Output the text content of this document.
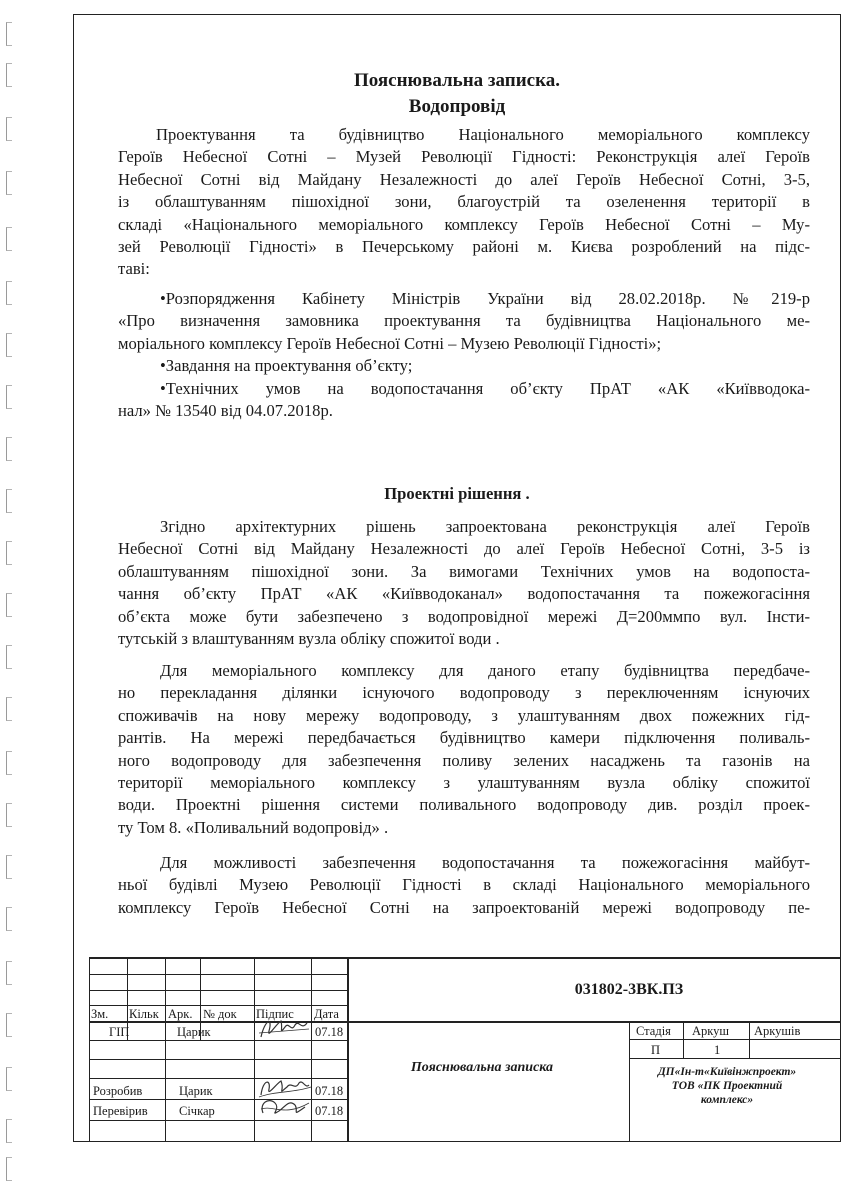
Пояснювальна записка.
Водопровід
Проектування та будівництво Національного меморіального комплексу
Героїв Небесної Сотні – Музей Революції Гідності: Реконструкція алеї Героїв
Небесної Сотні від Майдану Незалежності до алеї Героїв Небесної Сотні, 3-5,
із облаштуванням пішохідної зони, благоустрій та озеленення території в
складі «Національного меморіального комплексу Героїв Небесної Сотні – Му-
зей Революції Гідності» в Печерському районі м. Києва розроблений на підс-
таві:
•Розпорядження Кабінету Міністрів України від 28.02.2018р. №219-р
«Про визначення замовника проектування та будівництва Національного ме-
моріального комплексу Героїв Небесної Сотні – Музею Революції Гідності»;
•Завдання на проектування об’єкту;
•Технічних умов на водопостачання об’єкту ПрАТ «АК «Київводока-
нал» № 13540 від 04.07.2018р.
Проектні рішення .
Згідно архітектурних рішень запроектована реконструкція алеї Героїв
Небесної Сотні від Майдану Незалежності до алеї Героїв Небесної Сотні, 3-5 із
облаштуванням пішохідної зони. За вимогами Технічних умов на водопоста-
чання об’єкту ПрАТ «АК «Київводоканал» водопостачання та пожежогасіння
об’єкта може бути забезпечено з водопровідної мережі Д=200ммпо вул. Інсти-
тутській з влаштуванням вузла обліку спожитої води .
Для меморіального комплексу для даного етапу будівництва передбаче-
но перекладання ділянки існуючого водопроводу з переключенням існуючих
споживачів на нову мережу водопроводу, з улаштуванням двох пожежних гід-
рантів. На мережі передбачається будівництво камери підключення поливаль-
ного водопроводу для забезпечення поливу зелених насаджень та газонів на
території меморіального комплексу з улаштуванням вузла обліку спожитої
води. Проектні рішення системи поливального водопроводу див. розділ проек-
ту Том 8. «Поливальний водопровід» .
Для можливості забезпечення водопостачання та пожежогасіння майбут-
ньої будівлі Музею Революції Гідності в складі Національного меморіального
комплексу Героїв Небесної Сотні на запроектованій мережі водопроводу пе-
031802-3ВК.ПЗ
Зм. Кільк Арк. № док Підпис Дата
ГІП	Царик	07.18
Розробив	Царик	07.18
Перевірив	Січкар	07.18
Пояснювальна записка
Стадія Аркуш Аркушів
П	1
ДП«Ін-т«Київінжпроект»
ТОВ «ПК Проектний
комплекс»
